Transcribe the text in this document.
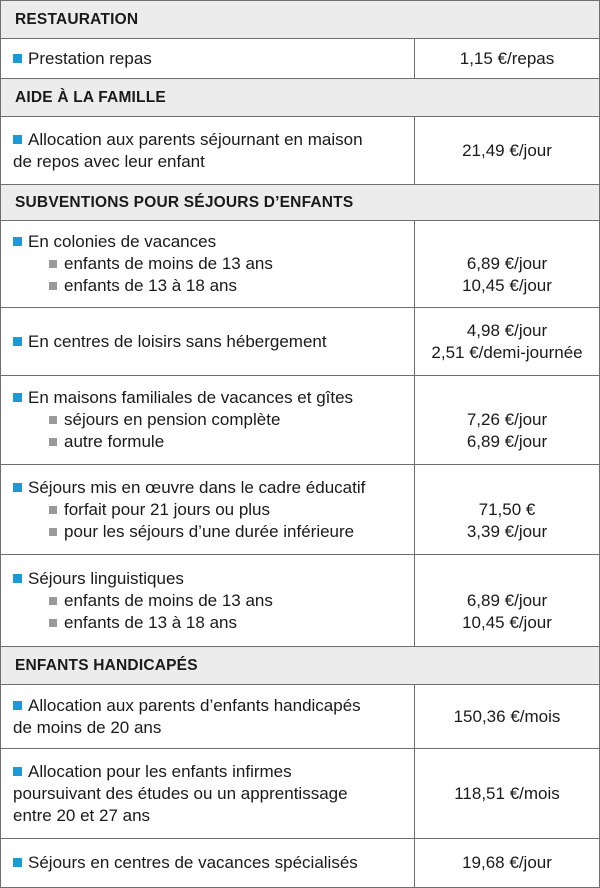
RESTAURATION
Prestation repas	1,15 €/repas
AIDE À LA FAMILLE
Allocation aux parents séjournant en maison
de repos avec leur enfant
21,49 €/jour
SUBVENTIONS POUR SÉJOURS D’ENFANTS
En colonies de vacances
enfants de moins de 13 ans
enfants de 13 à 18 ans
6,89 €/jour
10,45 €/jour
En centres de loisirs sans hébergement
4,98 €/jour
2,51 €/demi-journée
En maisons familiales de vacances et gîtes
séjours en pension complète
autre formule
7,26 €/jour
6,89 €/jour
Séjours mis en œuvre dans le cadre éducatif
forfait pour 21 jours ou plus
pour les séjours d’une durée inférieure
71,50 €
3,39 €/jour
Séjours linguistiques
enfants de moins de 13 ans
enfants de 13 à 18 ans
6,89 €/jour
10,45 €/jour
ENFANTS HANDICAPÉS
Allocation aux parents d’enfants handicapés
de moins de 20 ans
150,36 €/mois
Allocation pour les enfants infirmes
poursuivant des études ou un apprentissage
entre 20 et 27 ans
118,51 €/mois
Séjours en centres de vacances spécialisés	19,68 €/jour
